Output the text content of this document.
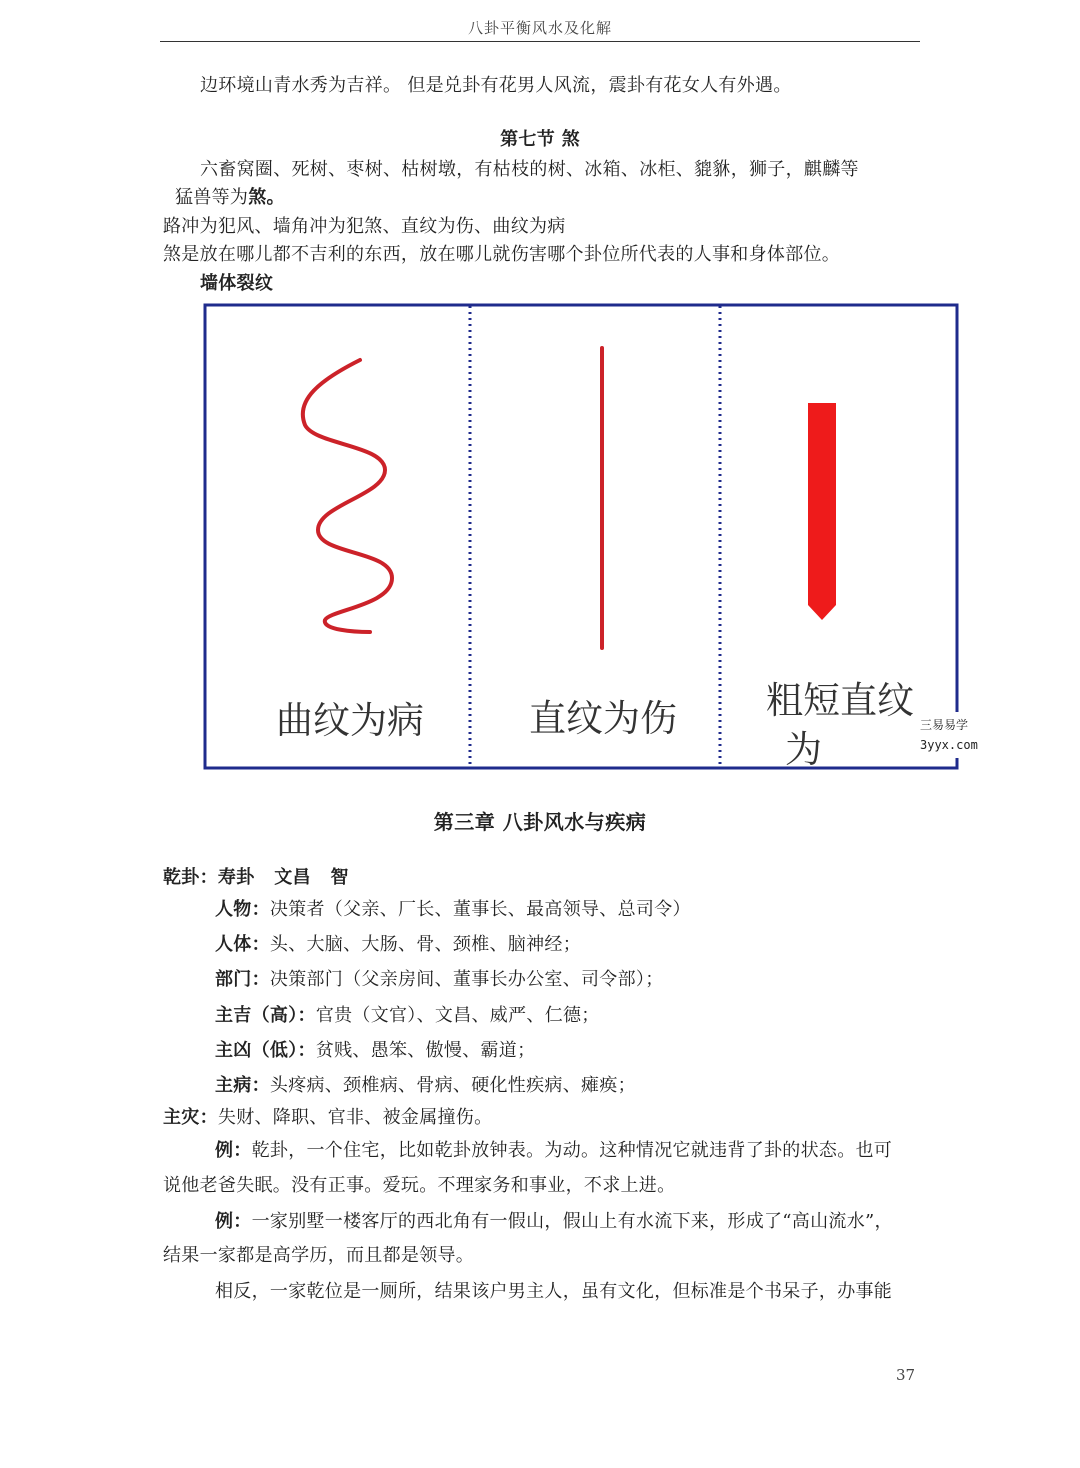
八卦平衡风水及化解
边环境山青水秀为吉祥。 但是兑卦有花男人风流，震卦有花女人有外遇。
第七节 煞
六畜窝圈、死树、枣树、枯树墩，有枯枝的树、冰箱、冰柜、貔貅，狮子，麒麟等
猛兽等为煞。
路冲为犯风、墙角冲为犯煞、直纹为伤、曲纹为病
煞是放在哪儿都不吉利的东西，放在哪儿就伤害哪个卦位所代表的人事和身体部位。
墙体裂纹
曲纹为病	直纹为伤 粗短直纹
为
三易易学
3yyx.com
第三章 八卦风水与疾病
乾卦：寿卦   文昌   智
人物：决策者（父亲、厂长、董事长、最高领导、总司令）
人体：头、大脑、大肠、骨、颈椎、脑神经；
部门：决策部门（父亲房间、董事长办公室、司令部）；
主吉（高）：官贵（文官）、文昌、威严、仁德；
主凶（低）：贫贱、愚笨、傲慢、霸道；
主病：头疼病、颈椎病、骨病、硬化性疾病、瘫痪；
主灾：失财、降职、官非、被金属撞伤。
例：乾卦，一个住宅，比如乾卦放钟表。为动。这种情况它就违背了卦的状态。也可
说他老爸失眠。没有正事。爱玩。不理家务和事业，不求上进。
例：一家别墅一楼客厅的西北角有一假山，假山上有水流下来，形成了“高山流水”，
结果一家都是高学历，而且都是领导。
相反，一家乾位是一厕所，结果该户男主人，虽有文化，但标准是个书呆子，办事能
37
